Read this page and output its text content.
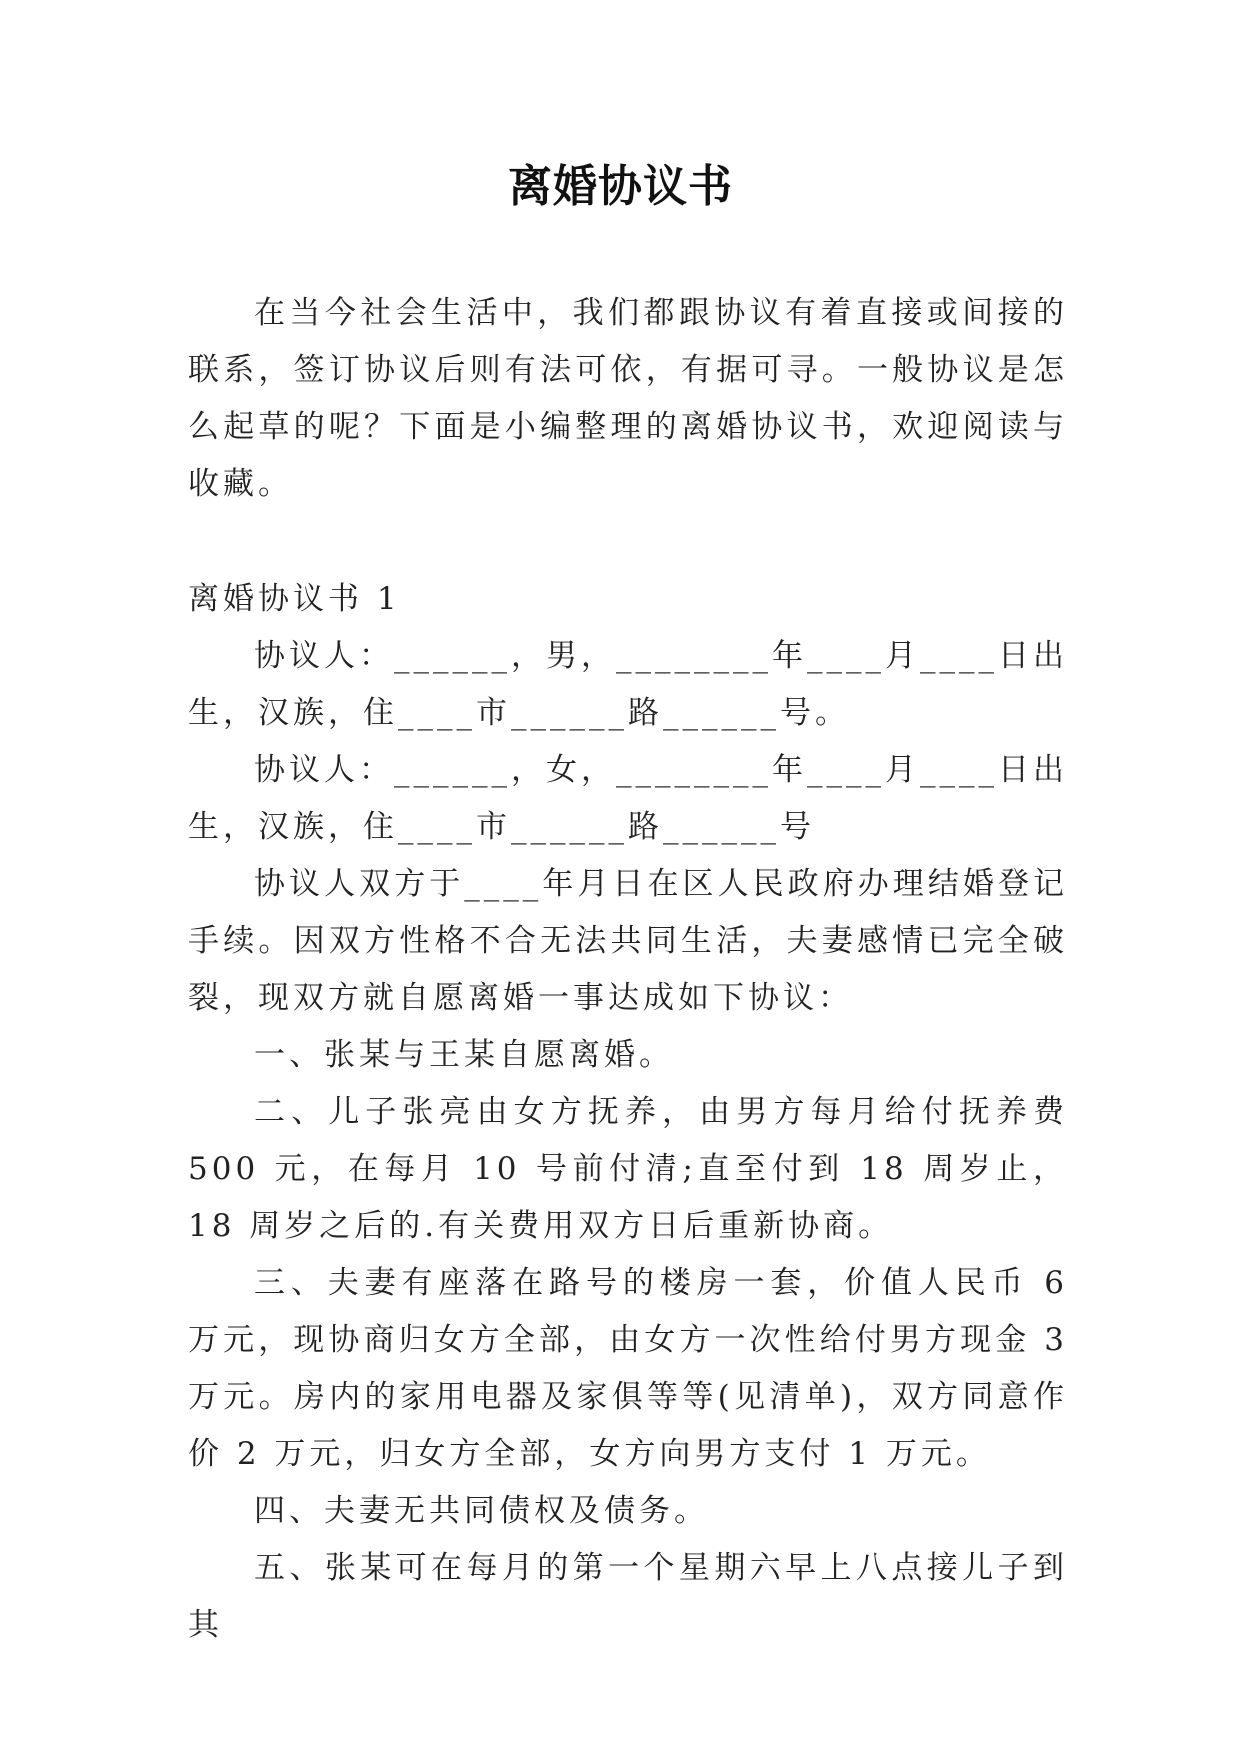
离婚协议书

在当今社会生活中，我们都跟协议有着直接或间接的联系，签订协议后则有法可依，有据可寻。一般协议是怎么起草的呢？下面是小编整理的离婚协议书，欢迎阅读与收藏。

离婚协议书 1

协议人：______，男，________年____月____日出生，汉族，住____市______路______号。

协议人：______，女，________年____月____日出生，汉族，住____市______路______号

协议人双方于____年月日在区人民政府办理结婚登记手续。因双方性格不合无法共同生活，夫妻感情已完全破裂，现双方就自愿离婚一事达成如下协议：

一、张某与王某自愿离婚。

二、儿子张亮由女方抚养，由男方每月给付抚养费 500 元，在每月 10 号前付清;直至付到 18 周岁止，18 周岁之后的.有关费用双方日后重新协商。

三、夫妻有座落在路号的楼房一套，价值人民币 6 万元，现协商归女方全部，由女方一次性给付男方现金 3 万元。房内的家用电器及家俱等等(见清单)，双方同意作价 2 万元，归女方全部，女方向男方支付 1 万元。

四、夫妻无共同债权及债务。

五、张某可在每月的第一个星期六早上八点接儿子到其
